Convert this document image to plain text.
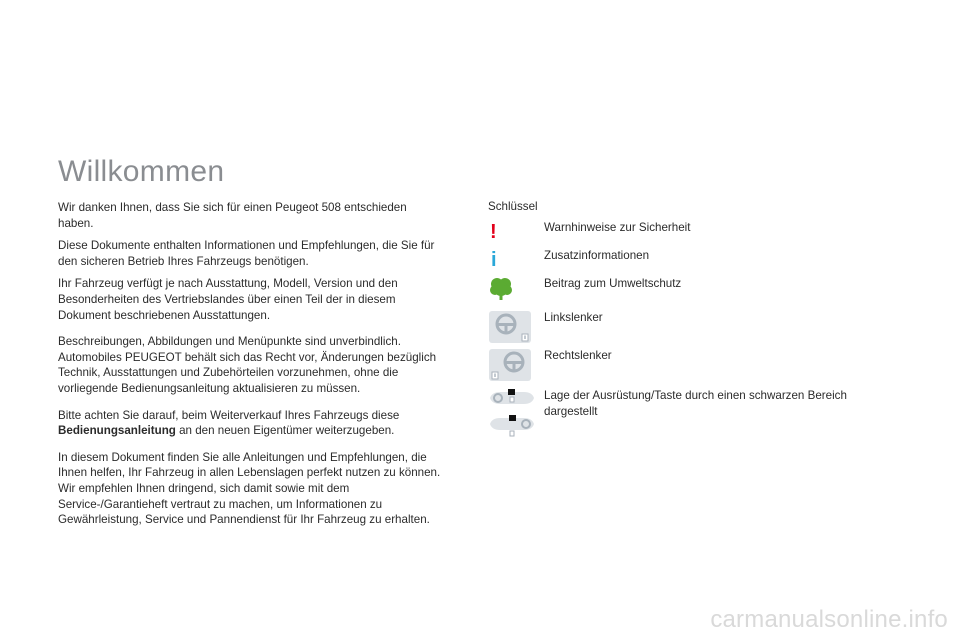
Willkommen

Wir danken Ihnen, dass Sie sich für einen Peugeot 508 entschieden haben.

Diese Dokumente enthalten Informationen und Empfehlungen, die Sie für den sicheren Betrieb Ihres Fahrzeugs benötigen.

Ihr Fahrzeug verfügt je nach Ausstattung, Modell, Version und den Besonderheiten des Vertriebslandes über einen Teil der in diesem Dokument beschriebenen Ausstattungen.

Beschreibungen, Abbildungen und Menüpunkte sind unverbindlich. Automobiles PEUGEOT behält sich das Recht vor, Änderungen bezüglich Technik, Ausstattungen und Zubehörteilen vorzunehmen, ohne die vorliegende Bedienungsanleitung aktualisieren zu müssen.

Bitte achten Sie darauf, beim Weiterverkauf Ihres Fahrzeugs diese Bedienungsanleitung an den neuen Eigentümer weiterzugeben.

In diesem Dokument finden Sie alle Anleitungen und Empfehlungen, die Ihnen helfen, Ihr Fahrzeug in allen Lebenslagen perfekt nutzen zu können. Wir empfehlen Ihnen dringend, sich damit sowie mit dem Service-/Garantieheft vertraut zu machen, um Informationen zu Gewährleistung, Service und Pannendienst für Ihr Fahrzeug zu erhalten.

Schlüssel
!	Warnhinweise zur Sicherheit
i	Zusatzinformationen
Beitrag zum Umweltschutz
Linkslenker
Rechtslenker
Lage der Ausrüstung/Taste durch einen schwarzen Bereich dargestellt
carmanualsonline.info
